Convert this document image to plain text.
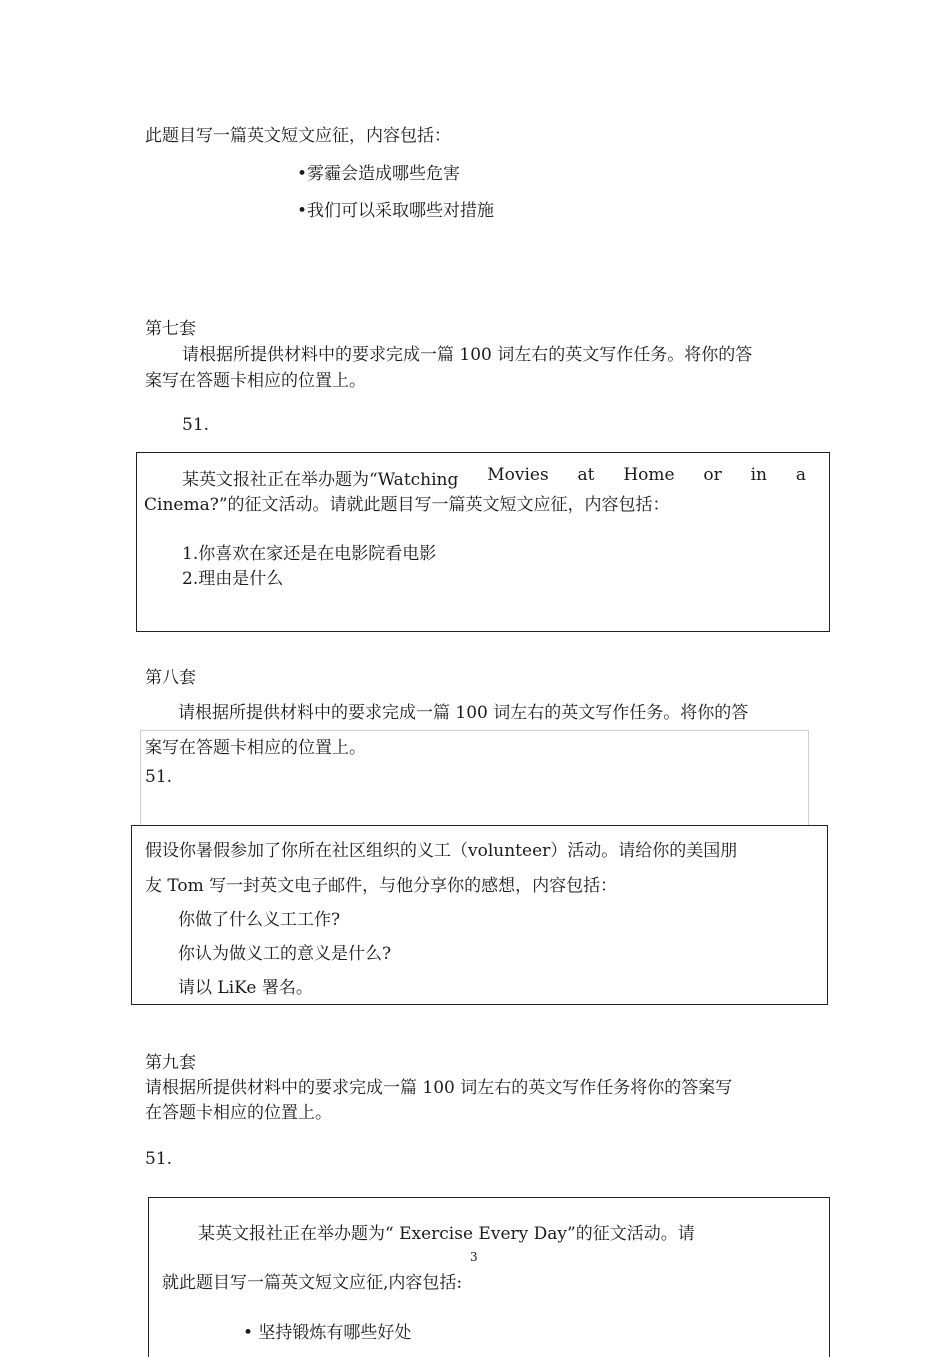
此题目写一篇英文短文应征，内容包括：
•雾霾会造成哪些危害
•我们可以采取哪些对措施
第七套
请根据所提供材料中的要求完成一篇 100 词左右的英文写作任务。将你的答
案写在答题卡相应的位置上。
51.
某英文报社正在举办题为“Watching Movies at Home or in a
Cinema?”的征文活动。请就此题目写一篇英文短文应征，内容包括：
1.你喜欢在家还是在电影院看电影
2.理由是什么
第八套
请根据所提供材料中的要求完成一篇 100 词左右的英文写作任务。将你的答
案写在答题卡相应的位置上。
51.
假设你暑假参加了你所在社区组织的义工（volunteer）活动。请给你的美国朋
友 Tom 写一封英文电子邮件，与他分享你的感想，内容包括：
你做了什么义工工作?
你认为做义工的意义是什么?
请以 LiKe 署名。
第九套
请根据所提供材料中的要求完成一篇 100 词左右的英文写作任务将你的答案写
在答题卡相应的位置上。
51.
某英文报社正在举办题为“ Exercise Every Day”的征文活动。请
3
就此题目写一篇英文短文应征,内容包括:
• 坚持锻炼有哪些好处
